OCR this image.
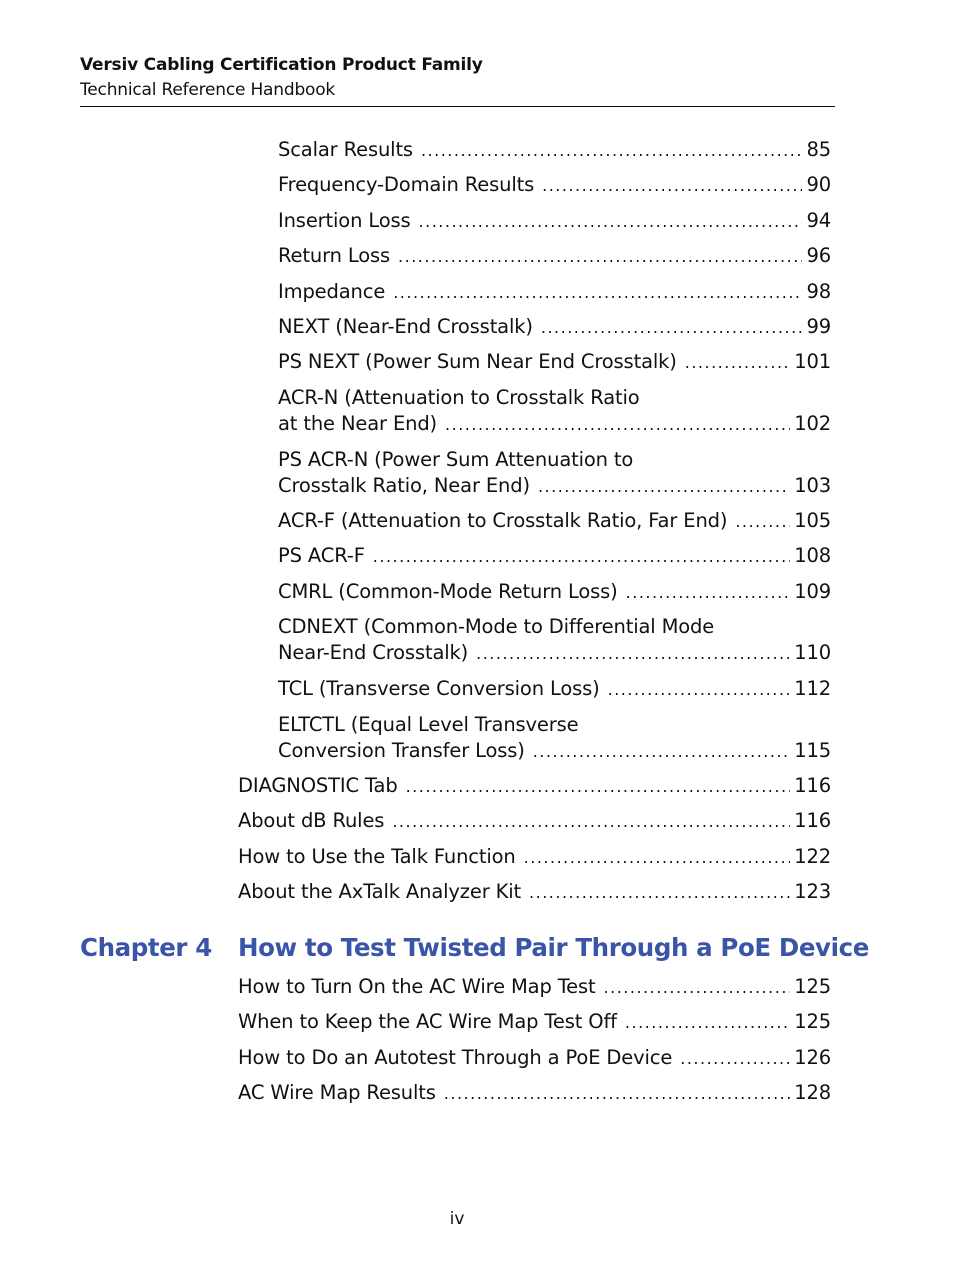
Versiv Cabling Certification Product Family
Technical Reference Handbook
Scalar Results .....	85
Frequency-Domain Results .....	90
Insertion Loss .....	94
Return Loss .....	96
Impedance .....	98
NEXT (Near-End Crosstalk) .....	99
PS NEXT (Power Sum Near End Crosstalk) .....	101
ACR-N (Attenuation to Crosstalk Ratio
at the Near End) .....	102
PS ACR-N (Power Sum Attenuation to
Crosstalk Ratio, Near End) .....	103
ACR-F (Attenuation to Crosstalk Ratio, Far End) .....	105
PS ACR-F .....	108
CMRL (Common-Mode Return Loss) .....	109
CDNEXT (Common-Mode to Differential Mode
Near-End Crosstalk) .....	110
TCL (Transverse Conversion Loss) .....	112
ELTCTL (Equal Level Transverse
Conversion Transfer Loss) .....	115
DIAGNOSTIC Tab .....	116
About dB Rules .....	116
How to Use the Talk Function .....	122
About the AxTalk Analyzer Kit .....	123
How to Turn On the AC Wire Map Test .....	125
When to Keep the AC Wire Map Test Off .....	125
How to Do an Autotest Through a PoE Device .....	126
AC Wire Map Results .....	128
Chapter 4 How to Test Twisted Pair Through a PoE Device
iv
